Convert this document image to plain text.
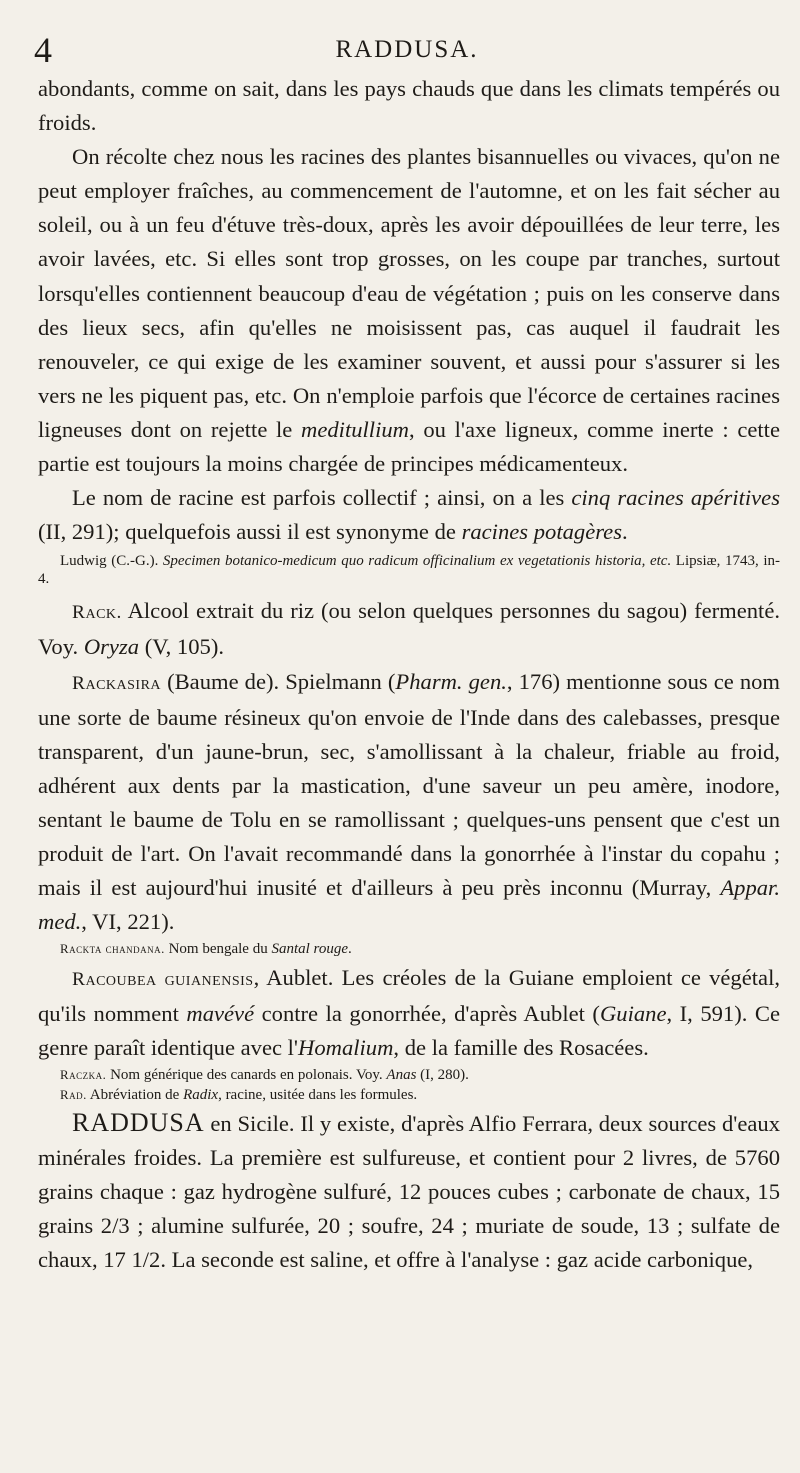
4	RADDUSA.

abondants, comme on sait, dans les pays chauds que dans les climats tempérés ou froids.

On récolte chez nous les racines des plantes bisannuelles ou vivaces, qu'on ne peut employer fraîches, au commencement de l'automne, et on les fait sécher au soleil, ou à un feu d'étuve très-doux, après les avoir dépouillées de leur terre, les avoir lavées, etc. Si elles sont trop grosses, on les coupe par tranches, surtout lorsqu'elles contiennent beaucoup d'eau de végétation ; puis on les conserve dans des lieux secs, afin qu'elles ne moisissent pas, cas auquel il faudrait les renouveler, ce qui exige de les examiner souvent, et aussi pour s'assurer si les vers ne les piquent pas, etc. On n'emploie parfois que l'écorce de certaines racines ligneuses dont on rejette le meditullium, ou l'axe ligneux, comme inerte : cette partie est toujours la moins chargée de principes médicamenteux.

Le nom de racine est parfois collectif ; ainsi, on a les cinq racines apéritives (II, 291); quelquefois aussi il est synonyme de racines potagères.

Ludwig (C.-G.). Specimen botanico-medicum quo radicum officinalium ex vegetationis historia, etc. Lipsiæ, 1743, in-4.

Rack. Alcool extrait du riz (ou selon quelques personnes du sagou) fermenté. Voy. Oryza (V, 105).

Rackasira (Baume de). Spielmann (Pharm. gen., 176) mentionne sous ce nom une sorte de baume résineux qu'on envoie de l'Inde dans des calebasses, presque transparent, d'un jaune-brun, sec, s'amollissant à la chaleur, friable au froid, adhérent aux dents par la mastication, d'une saveur un peu amère, inodore, sentant le baume de Tolu en se ramollissant ; quelques-uns pensent que c'est un produit de l'art. On l'avait recommandé dans la gonorrhée à l'instar du copahu ; mais il est aujourd'hui inusité et d'ailleurs à peu près inconnu (Murray, Appar. med., VI, 221).

Rackta chandana. Nom bengale du Santal rouge.

Racoubea guianensis, Aublet. Les créoles de la Guiane emploient ce végétal, qu'ils nomment mavévé contre la gonorrhée, d'après Aublet (Guiane, I, 591). Ce genre paraît identique avec l'Homalium, de la famille des Rosacées.

Raczka. Nom générique des canards en polonais. Voy. Anas (I, 280).

Rad. Abréviation de Radix, racine, usitée dans les formules.

RADDUSA en Sicile. Il y existe, d'après Alfio Ferrara, deux sources d'eaux minérales froides. La première est sulfureuse, et contient pour 2 livres, de 5760 grains chaque : gaz hydrogène sulfuré, 12 pouces cubes ; carbonate de chaux, 15 grains 2/3 ; alumine sulfurée, 20 ; soufre, 24 ; muriate de soude, 13 ; sulfate de chaux, 17 1/2. La seconde est saline, et offre à l'analyse : gaz acide carbonique,
